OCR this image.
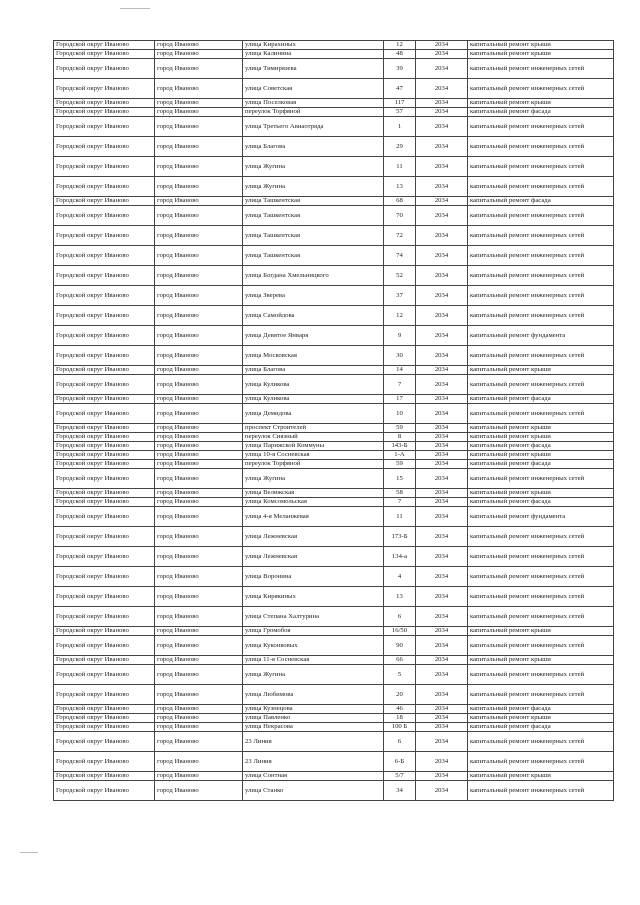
Городской округ Иваново	город Иваново	улица Кирахиных	12	2034	капитальный ремонт крыши
Городской округ Иваново	город Иваново	улица Калинина	48	2034	капитальный ремонт крыши
Городской округ Иваново	город Иваново	улица Тимирязева	39	2034	капитальный ремонт инженерных сетей
Городской округ Иваново	город Иваново	улица Советская	47	2034	капитальный ремонт инженерных сетей
Городской округ Иваново	город Иваново	улица Поселковая	117	2034	капитальный ремонт крыши
Городской округ Иваново	город Иваново	переулок Торфяной	57	2034	капитальный ремонт фасада
Городской округ Иваново	город Иваново	улица Третьего Авиаотряда	1	2034	капитальный ремонт инженерных сетей
Городской округ Иваново	город Иваново	улица Благова	29	2034	капитальный ремонт инженерных сетей
Городской округ Иваново	город Иваново	улица Жугина	11	2034	капитальный ремонт инженерных сетей
Городской округ Иваново	город Иваново	улица Жугина	13	2034	капитальный ремонт инженерных сетей
Городской округ Иваново	город Иваново	улица Ташкентская	68	2034	капитальный ремонт фасада
Городской округ Иваново	город Иваново	улица Ташкентская	70	2034	капитальный ремонт инженерных сетей
Городской округ Иваново	город Иваново	улица Ташкентская	72	2034	капитальный ремонт инженерных сетей
Городской округ Иваново	город Иваново	улица Ташкентская	74	2034	капитальный ремонт инженерных сетей
Городской округ Иваново	город Иваново	улица Богдана Хмельницкого	52	2034	капитальный ремонт инженерных сетей
Городской округ Иваново	город Иваново	улица Зверева	37	2034	капитальный ремонт инженерных сетей
Городской округ Иваново	город Иваново	улица Самойлова	12	2034	капитальный ремонт инженерных сетей
Городской округ Иваново	город Иваново	улица Девятое Января	9	2034	капитальный ремонт фундамента
Городской округ Иваново	город Иваново	улица Московская	30	2034	капитальный ремонт инженерных сетей
Городской округ Иваново	город Иваново	улица Благова	14	2034	капитальный ремонт крыши
Городской округ Иваново	город Иваново	улица Куликова	7	2034	капитальный ремонт инженерных сетей
Городской округ Иваново	город Иваново	улица Куликова	17	2034	капитальный ремонт фасада
Городской округ Иваново	город Иваново	улица Демидова	10	2034	капитальный ремонт инженерных сетей
Городской округ Иваново	город Иваново	проспект Строителей	59	2034	капитальный ремонт крыши
Городской округ Иваново	город Иваново	переулок Сиязный	8	2034	капитальный ремонт крыши
Городской округ Иваново	город Иваново	улица Парижской Коммуны	143-Б	2034	капитальный ремонт фасада
Городской округ Иваново	город Иваново	улица 10-я Сосневская	1-А	2034	капитальный ремонт крыши
Городской округ Иваново	город Иваново	переулок Торфяной	59	2034	капитальный ремонт фасада
Городской округ Иваново	город Иваново	улица Жугина	15	2034	капитальный ремонт инженерных сетей
Городской округ Иваново	город Иваново	улица Велижская	58	2034	капитальный ремонт крыши
Городской округ Иваново	город Иваново	улица Комсомольская	7	2034	капитальный ремонт фасада
Городской округ Иваново	город Иваново	улица 4-я Меланжевая	11	2034	капитальный ремонт фундамента
Городской округ Иваново	город Иваново	улица Лежневская	173-Б	2034	капитальный ремонт инженерных сетей
Городской округ Иваново	город Иваново	улица Лежневская	134-а	2034	капитальный ремонт инженерных сетей
Городской округ Иваново	город Иваново	улица Воронина	4	2034	капитальный ремонт инженерных сетей
Городской округ Иваново	город Иваново	улица Кирякиных	13	2034	капитальный ремонт инженерных сетей
Городской округ Иваново	город Иваново	улица Степана Халтурина	6	2034	капитальный ремонт инженерных сетей
Городской округ Иваново	город Иваново	улица Громобоя	16/50	2034	капитальный ремонт крыши
Городской округ Иваново	город Иваново	улица Куконковых	90	2034	капитальный ремонт инженерных сетей
Городской округ Иваново	город Иваново	улица 11-я Сосневская	66	2034	капитальный ремонт крыши
Городской округ Иваново	город Иваново	улица Жугина	5	2034	капитальный ремонт инженерных сетей
Городской округ Иваново	город Иваново	улица Любимова	20	2034	капитальный ремонт инженерных сетей
Городской округ Иваново	город Иваново	улица Кузнецова	46	2034	капитальный ремонт фасада
Городской округ Иваново	город Иваново	улица Павленко	18	2034	капитальный ремонт крыши
Городской округ Иваново	город Иваново	улица Некрасова	100 Б	2034	капитальный ремонт фасада
Городской округ Иваново	город Иваново	23 Линия	6	2034	капитальный ремонт инженерных сетей
Городской округ Иваново	город Иваново	23 Линия	6-Б	2034	капитальный ремонт инженерных сетей
Городской округ Иваново	город Иваново	улица Сонтная	5/7	2034	капитальный ремонт крыши
Городской округ Иваново	город Иваново	улица Станко	34	2034	капитальный ремонт инженерных сетей
